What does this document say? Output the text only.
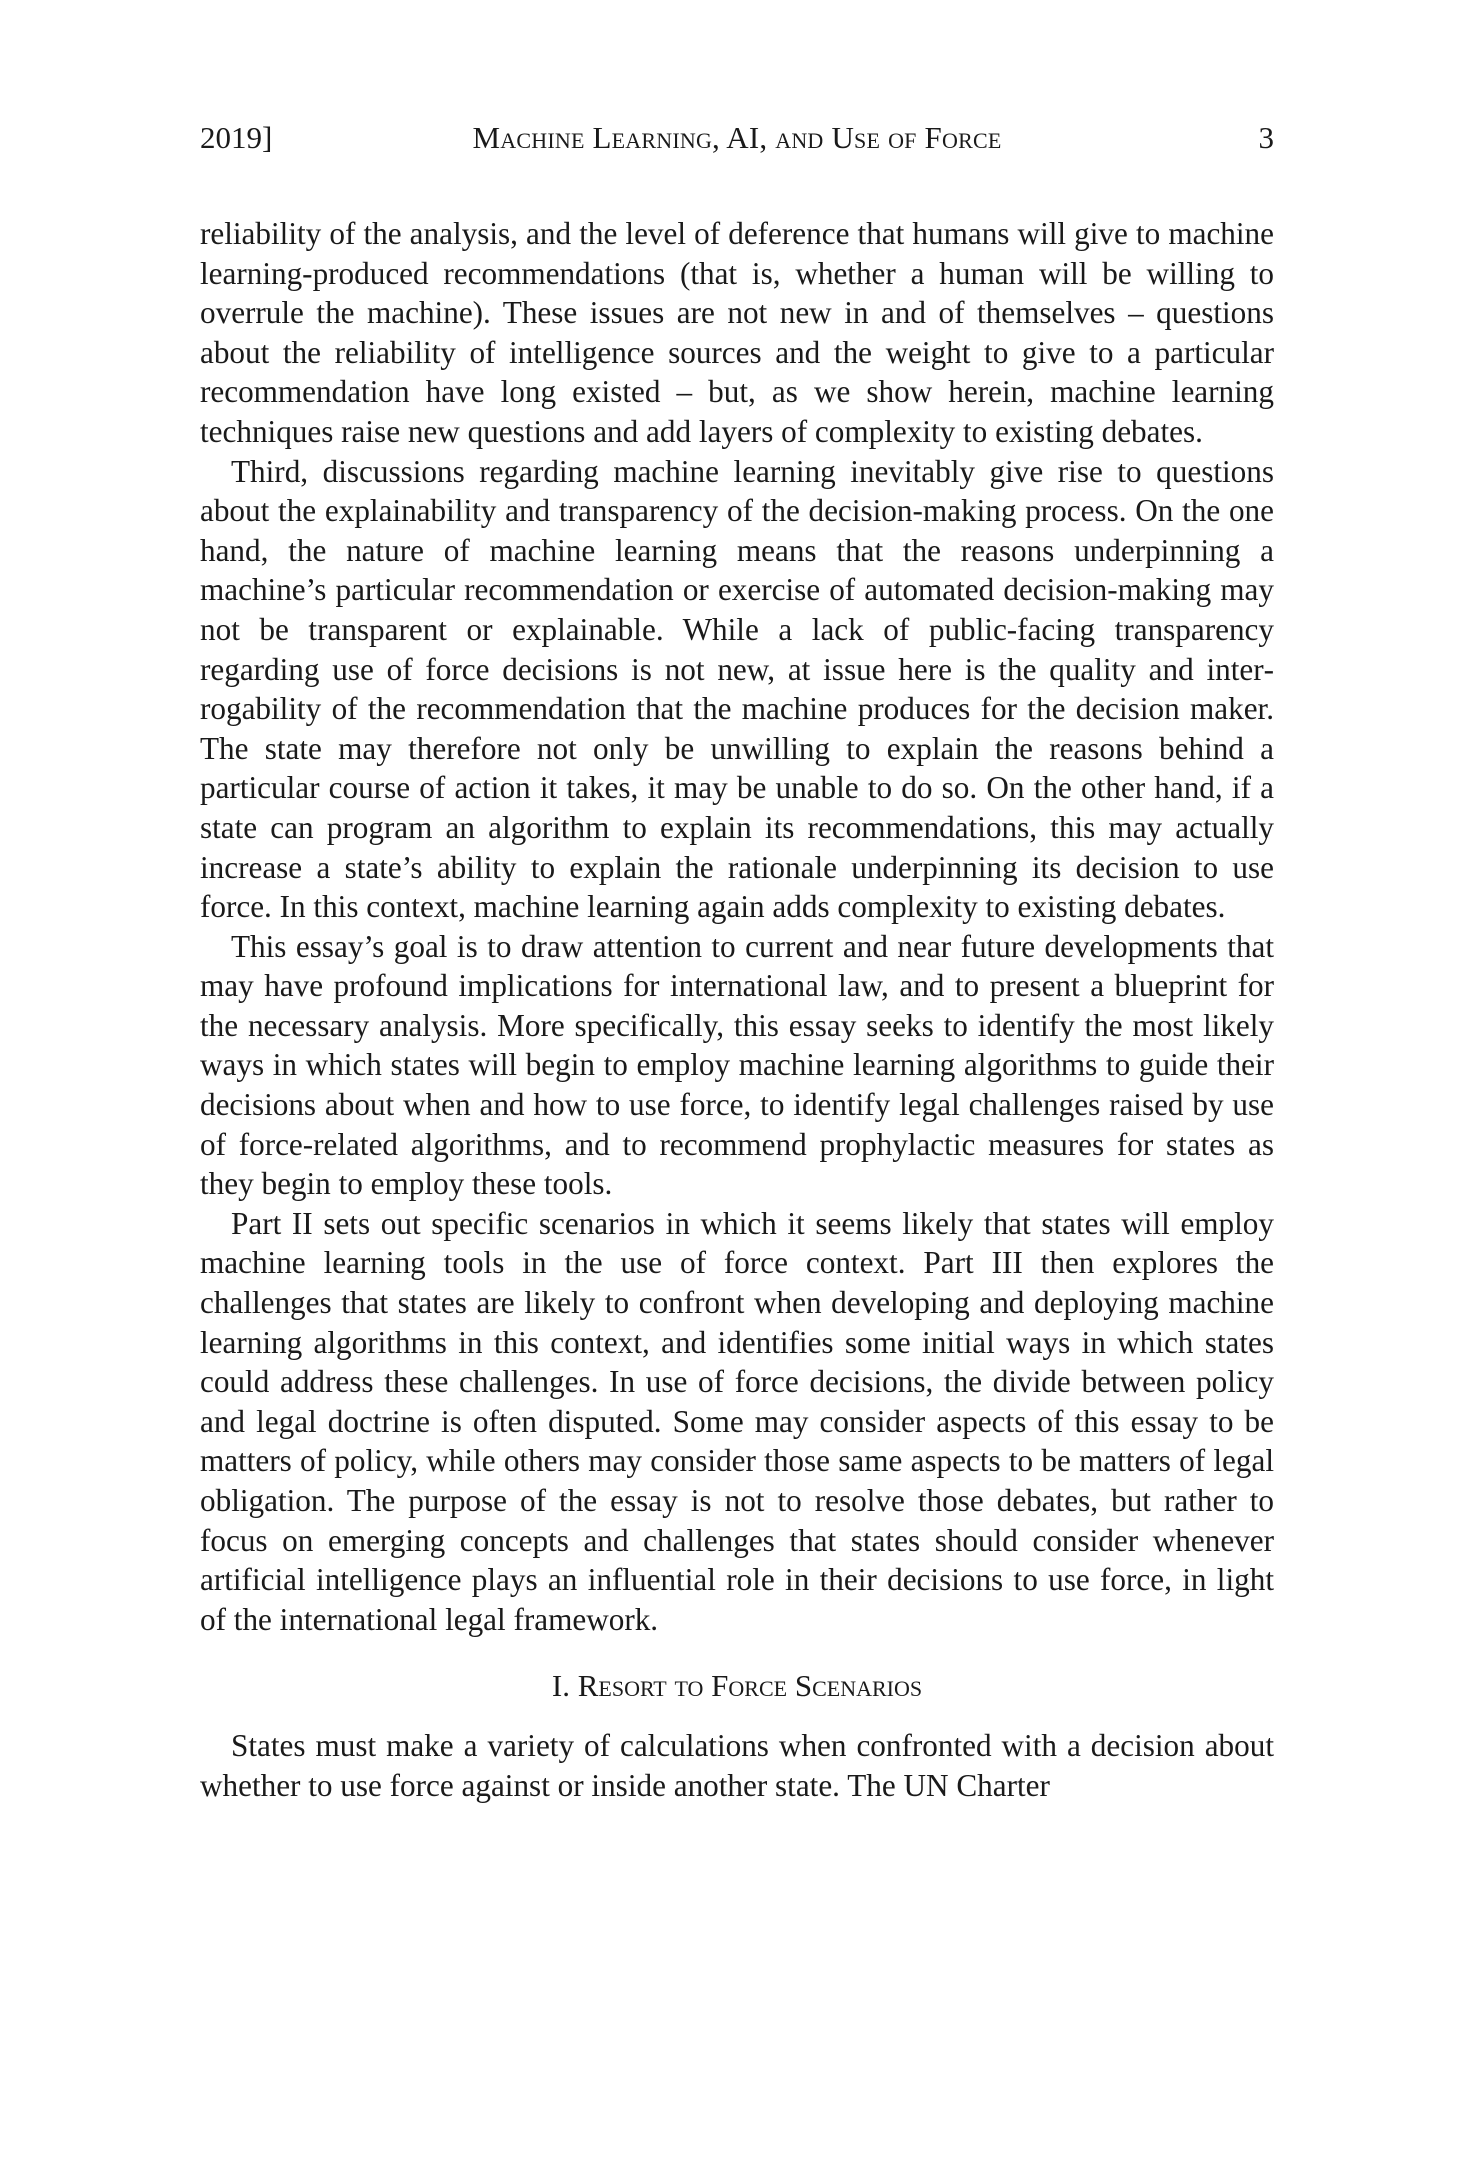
2019]	Machine Learning, AI, and Use of Force	3

reliability of the analysis, and the level of deference that humans will give to machine learning-produced recommendations (that is, whether a human will be willing to overrule the machine). These issues are not new in and of themselves – questions about the reliability of intelligence sources and the weight to give to a particular recommendation have long existed – but, as we show herein, machine learning techniques raise new questions and add layers of complexity to existing debates.

Third, discussions regarding machine learning inevitably give rise to questions about the explainability and transparency of the decision-making process. On the one hand, the nature of machine learning means that the reasons underpinning a machine’s particular recommendation or exercise of automated decision-making may not be transparent or explainable. While a lack of public-facing transparency regarding use of force decisions is not new, at issue here is the quality and interrogability of the recommendation that the machine produces for the decision maker. The state may therefore not only be unwilling to explain the reasons behind a particular course of action it takes, it may be unable to do so. On the other hand, if a state can program an algorithm to explain its recommendations, this may actually increase a state’s ability to explain the rationale underpinning its decision to use force. In this context, machine learning again adds complexity to existing debates.

This essay’s goal is to draw attention to current and near future developments that may have profound implications for international law, and to present a blueprint for the necessary analysis. More specifically, this essay seeks to identify the most likely ways in which states will begin to employ machine learning algorithms to guide their decisions about when and how to use force, to identify legal challenges raised by use of force-related algorithms, and to recommend prophylactic measures for states as they begin to employ these tools.

Part II sets out specific scenarios in which it seems likely that states will employ machine learning tools in the use of force context. Part III then explores the challenges that states are likely to confront when developing and deploying machine learning algorithms in this context, and identifies some initial ways in which states could address these challenges. In use of force decisions, the divide between policy and legal doctrine is often disputed. Some may consider aspects of this essay to be matters of policy, while others may consider those same aspects to be matters of legal obligation. The purpose of the essay is not to resolve those debates, but rather to focus on emerging concepts and challenges that states should consider whenever artificial intelligence plays an influential role in their decisions to use force, in light of the international legal framework.

I. Resort to Force Scenarios

States must make a variety of calculations when confronted with a decision about whether to use force against or inside another state. The UN Charter
